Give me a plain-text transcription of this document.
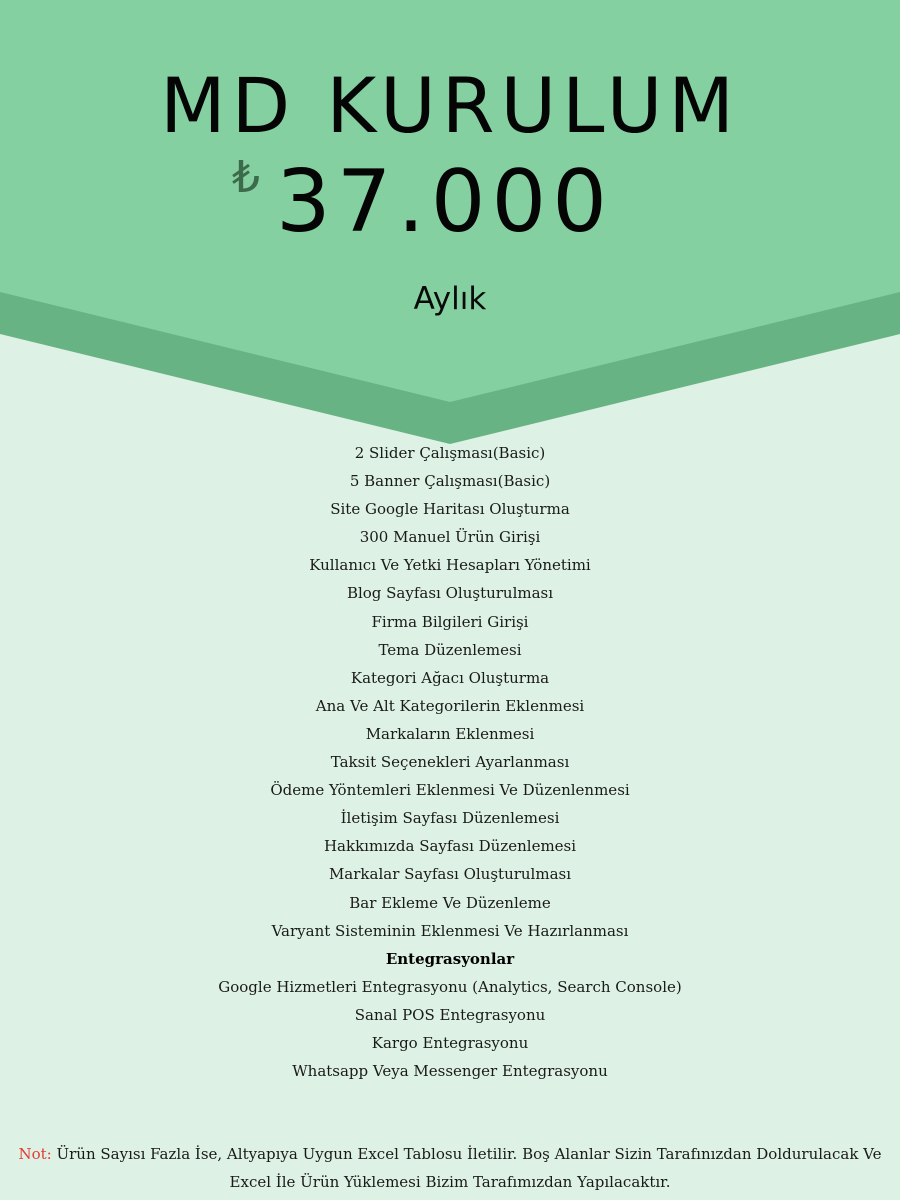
MD KURULUM
₺ 37.000
Aylık
2 Slider Çalışması(Basic)
5 Banner Çalışması(Basic)
Site Google Haritası Oluşturma
300 Manuel Ürün Girişi
Kullanıcı Ve Yetki Hesapları Yönetimi
Blog Sayfası Oluşturulması
Firma Bilgileri Girişi
Tema Düzenlemesi
Kategori Ağacı Oluşturma
Ana Ve Alt Kategorilerin Eklenmesi
Markaların Eklenmesi
Taksit Seçenekleri Ayarlanması
Ödeme Yöntemleri Eklenmesi Ve Düzenlenmesi
İletişim Sayfası Düzenlemesi
Hakkımızda Sayfası Düzenlemesi
Markalar Sayfası Oluşturulması
Bar Ekleme Ve Düzenleme
Varyant Sisteminin Eklenmesi Ve Hazırlanması
Entegrasyonlar
Google Hizmetleri Entegrasyonu (Analytics, Search Console)
Sanal POS Entegrasyonu
Kargo Entegrasyonu
Whatsapp Veya Messenger Entegrasyonu
Not: Ürün Sayısı Fazla İse, Altyapıya Uygun Excel Tablosu İletilir. Boş Alanlar Sizin Tarafınızdan Doldurulacak Ve Excel İle Ürün Yüklemesi Bizim Tarafımızdan Yapılacaktır.
